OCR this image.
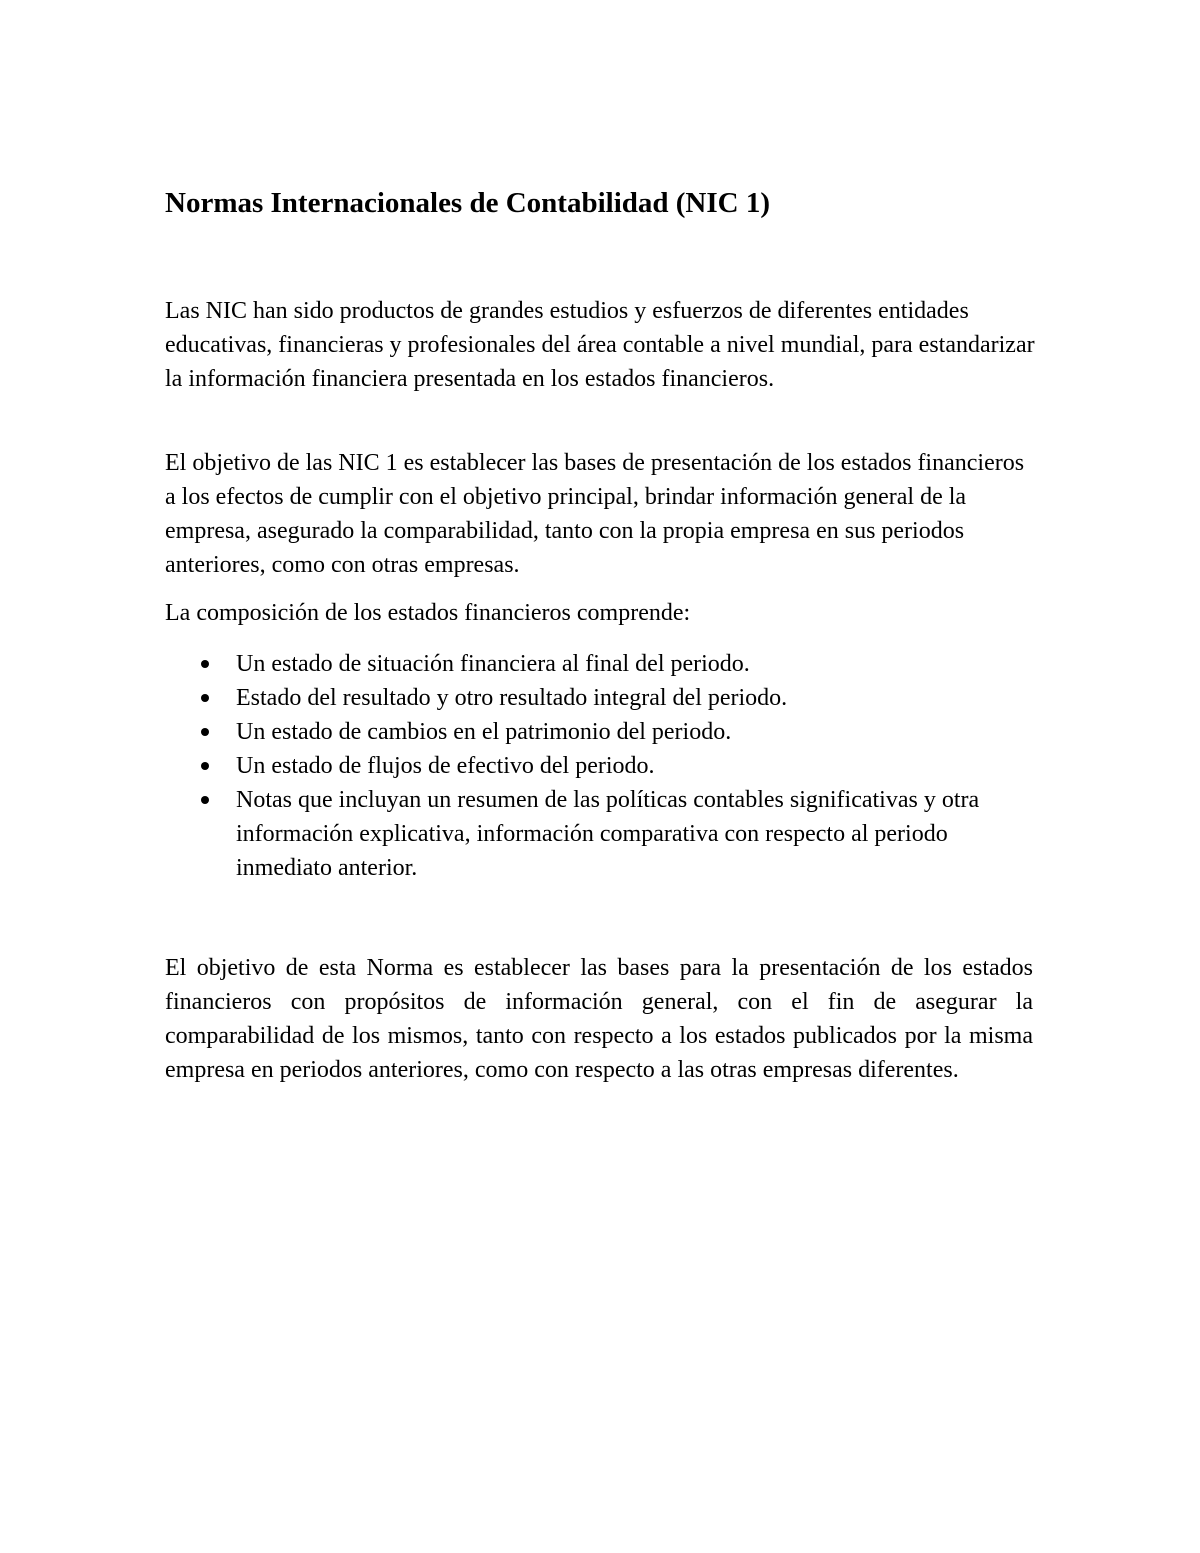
Normas Internacionales de Contabilidad (NIC 1)

Las NIC han sido productos de grandes estudios y esfuerzos de diferentes entidades educativas, financieras y profesionales del área contable a nivel mundial, para estandarizar la información financiera presentada en los estados financieros.

El objetivo de las NIC 1 es establecer las bases de presentación de los estados financieros a los efectos de cumplir con el objetivo principal, brindar información general de la empresa, asegurado la comparabilidad, tanto con la propia empresa en sus periodos anteriores, como con otras empresas.

La composición de los estados financieros comprende:

Un estado de situación financiera al final del periodo.
Estado del resultado y otro resultado integral del periodo.
Un estado de cambios en el patrimonio del periodo.
Un estado de flujos de efectivo del periodo.
Notas que incluyan un resumen de las políticas contables significativas y otra información explicativa, información comparativa con respecto al periodo inmediato anterior.

El objetivo de esta Norma es establecer las bases para la presentación de los estados financieros con propósitos de información general, con el fin de asegurar la comparabilidad de los mismos, tanto con respecto a los estados publicados por la misma empresa en periodos anteriores, como con respecto a las otras empresas diferentes.
